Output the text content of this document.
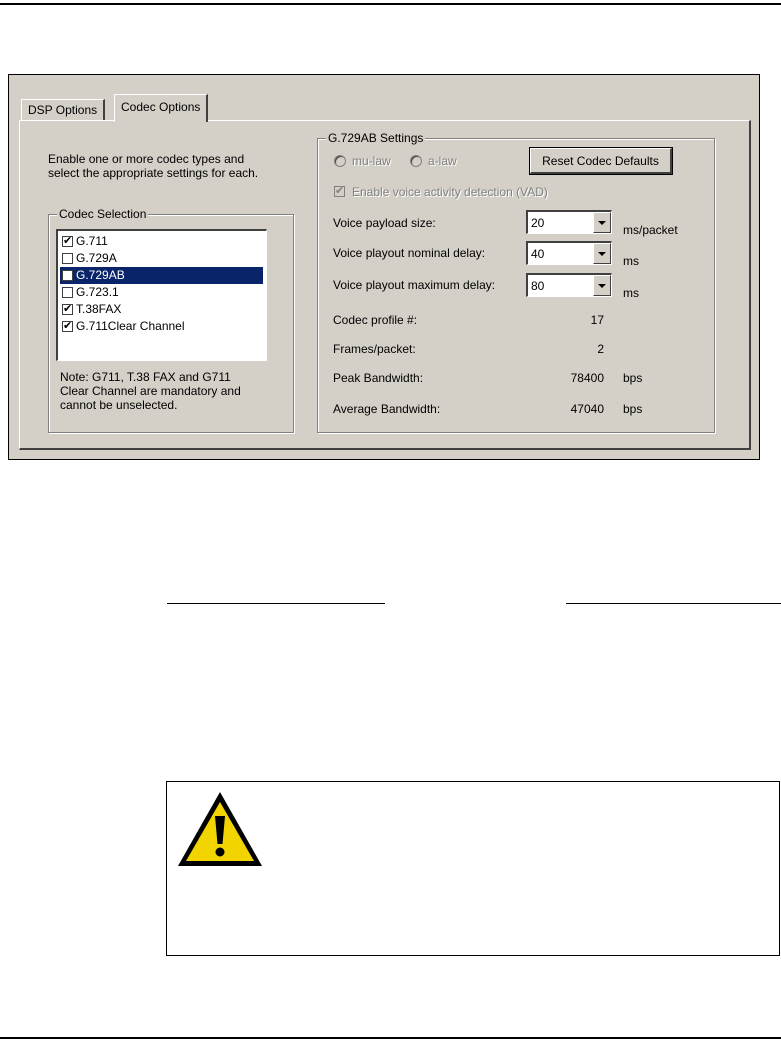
DSP Options	Codec Options
Enable one or more codec types and
select the appropriate settings for each.
Codec Selection
✔ G.711
G.729A
G.729AB
G.723.1
✔ T.38FAX
✔ G.711Clear Channel
Note: G711, T.38 FAX and G711
Clear Channel are mandatory and
cannot be unselected.
G.729AB Settings
mu-law	a-law	Reset Codec Defaults
✔ Enable voice activity detection (VAD)
Voice payload size:	20	ms/packet
Voice playout nominal delay:	40	ms
Voice playout maximum delay:	80	ms
Codec profile #:	17
Frames/packet:	2
Peak Bandwidth:	78400 bps
Average Bandwidth:	47040 bps
